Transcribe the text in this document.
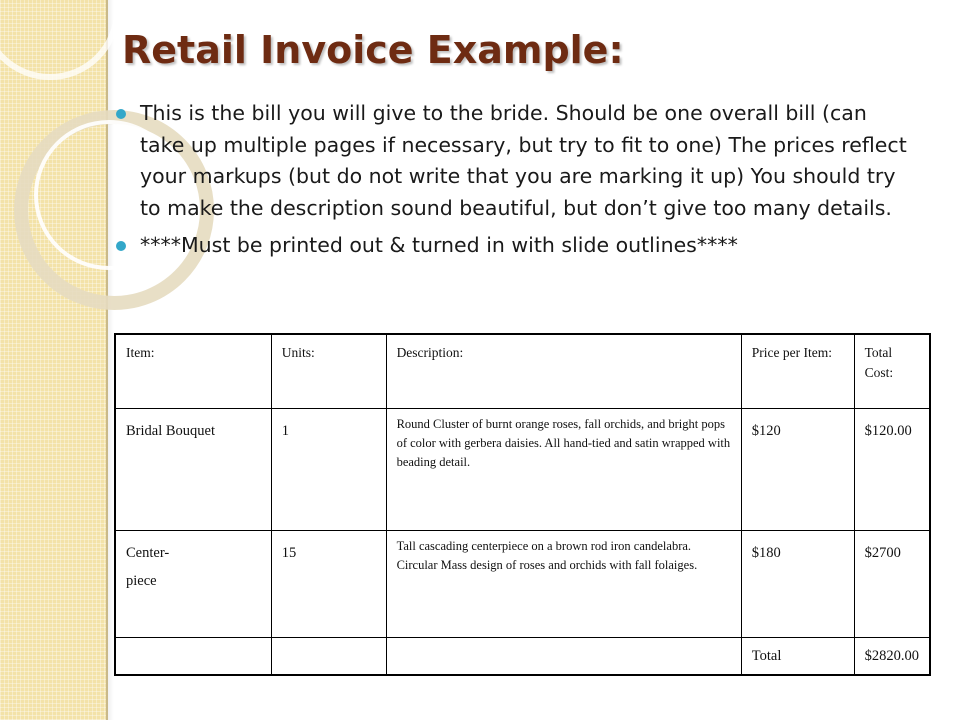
Retail Invoice Example:
This is the bill you will give to the bride. Should be one overall bill (can take up multiple pages if necessary, but try to fit to one) The prices reflect your markups (but do not write that you are marking it up) You should try to make the description sound beautiful, but don’t give too many details.
****Must be printed out & turned in with slide outlines****
Item:	Units:	Description:	Price per Item:	Total Cost:
Bridal Bouquet	1	Round Cluster of burnt orange roses, fall orchids, and bright pops of color with gerbera daisies. All hand-tied and satin wrapped with beading detail.	$120	$120.00
Center-
piece	15	Tall cascading centerpiece on a brown rod iron candelabra. Circular Mass design of roses and orchids with fall folaiges.	$180	$2700
			Total	$2820.00
